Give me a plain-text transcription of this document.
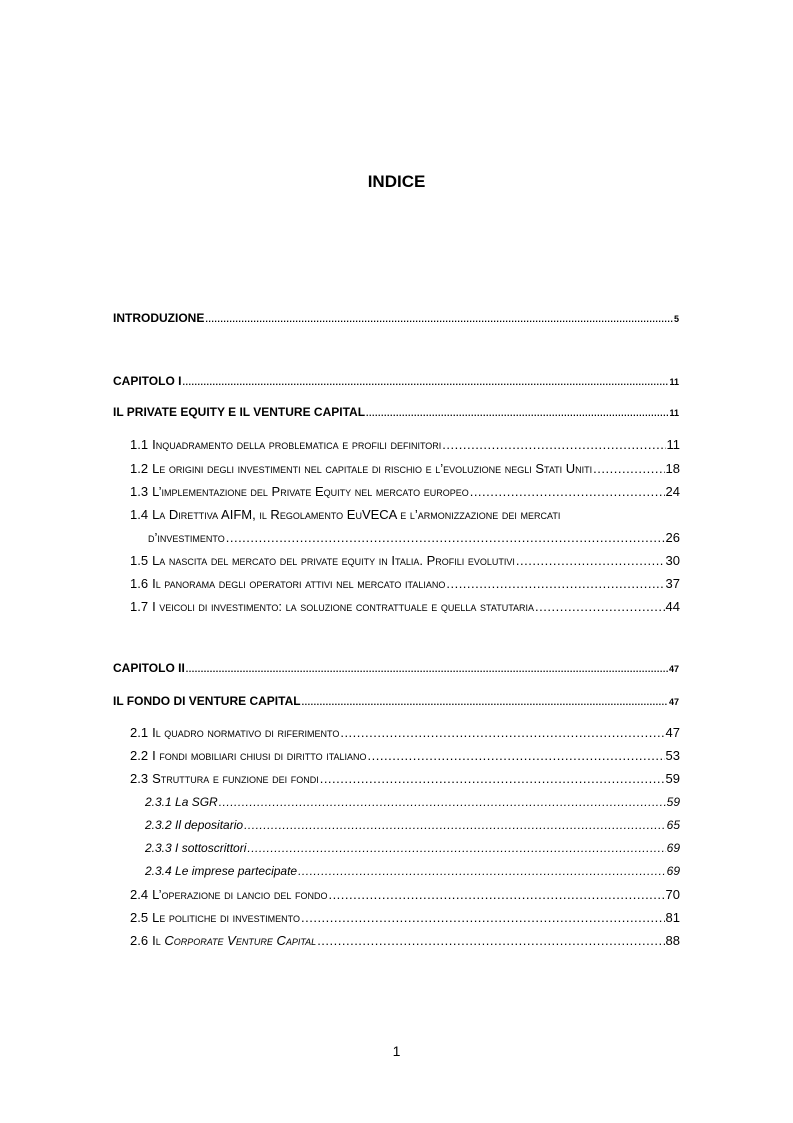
INDICE
INTRODUZIONE .....	5
CAPITOLO I .....	11
IL PRIVATE EQUITY E IL VENTURE CAPITAL .....	11
1.1 Inquadramento della problematica e profili definitori .....	11
1.2 Le origini degli investimenti nel capitale di rischio e l’evoluzione negli Stati Uniti .....	18
1.3 L’implementazione del Private Equity nel mercato europeo .....	24
1.4 La Direttiva AIFM, il Regolamento EuVECA e l’armonizzazione dei mercati
d’investimento .....	26
1.5 La nascita del mercato del private equity in Italia. Profili evolutivi .....	30
1.6 Il panorama degli operatori attivi nel mercato italiano .....	37
1.7 I veicoli di investimento: la soluzione contrattuale e quella statutaria .....	44
CAPITOLO II .....	47
IL FONDO DI VENTURE CAPITAL .....	47
2.1 Il quadro normativo di riferimento .....	47
2.2 I fondi mobiliari chiusi di diritto italiano .....	53
2.3 Struttura e funzione dei fondi .....	59
2.3.1 La SGR .....	59
2.3.2 Il depositario .....	65
2.3.3 I sottoscrittori .....	69
2.3.4 Le imprese partecipate .....	69
2.4 L’operazione di lancio del fondo .....	70
2.5 Le politiche di investimento .....	81
2.6 Il Corporate Venture Capital .....	88
1
